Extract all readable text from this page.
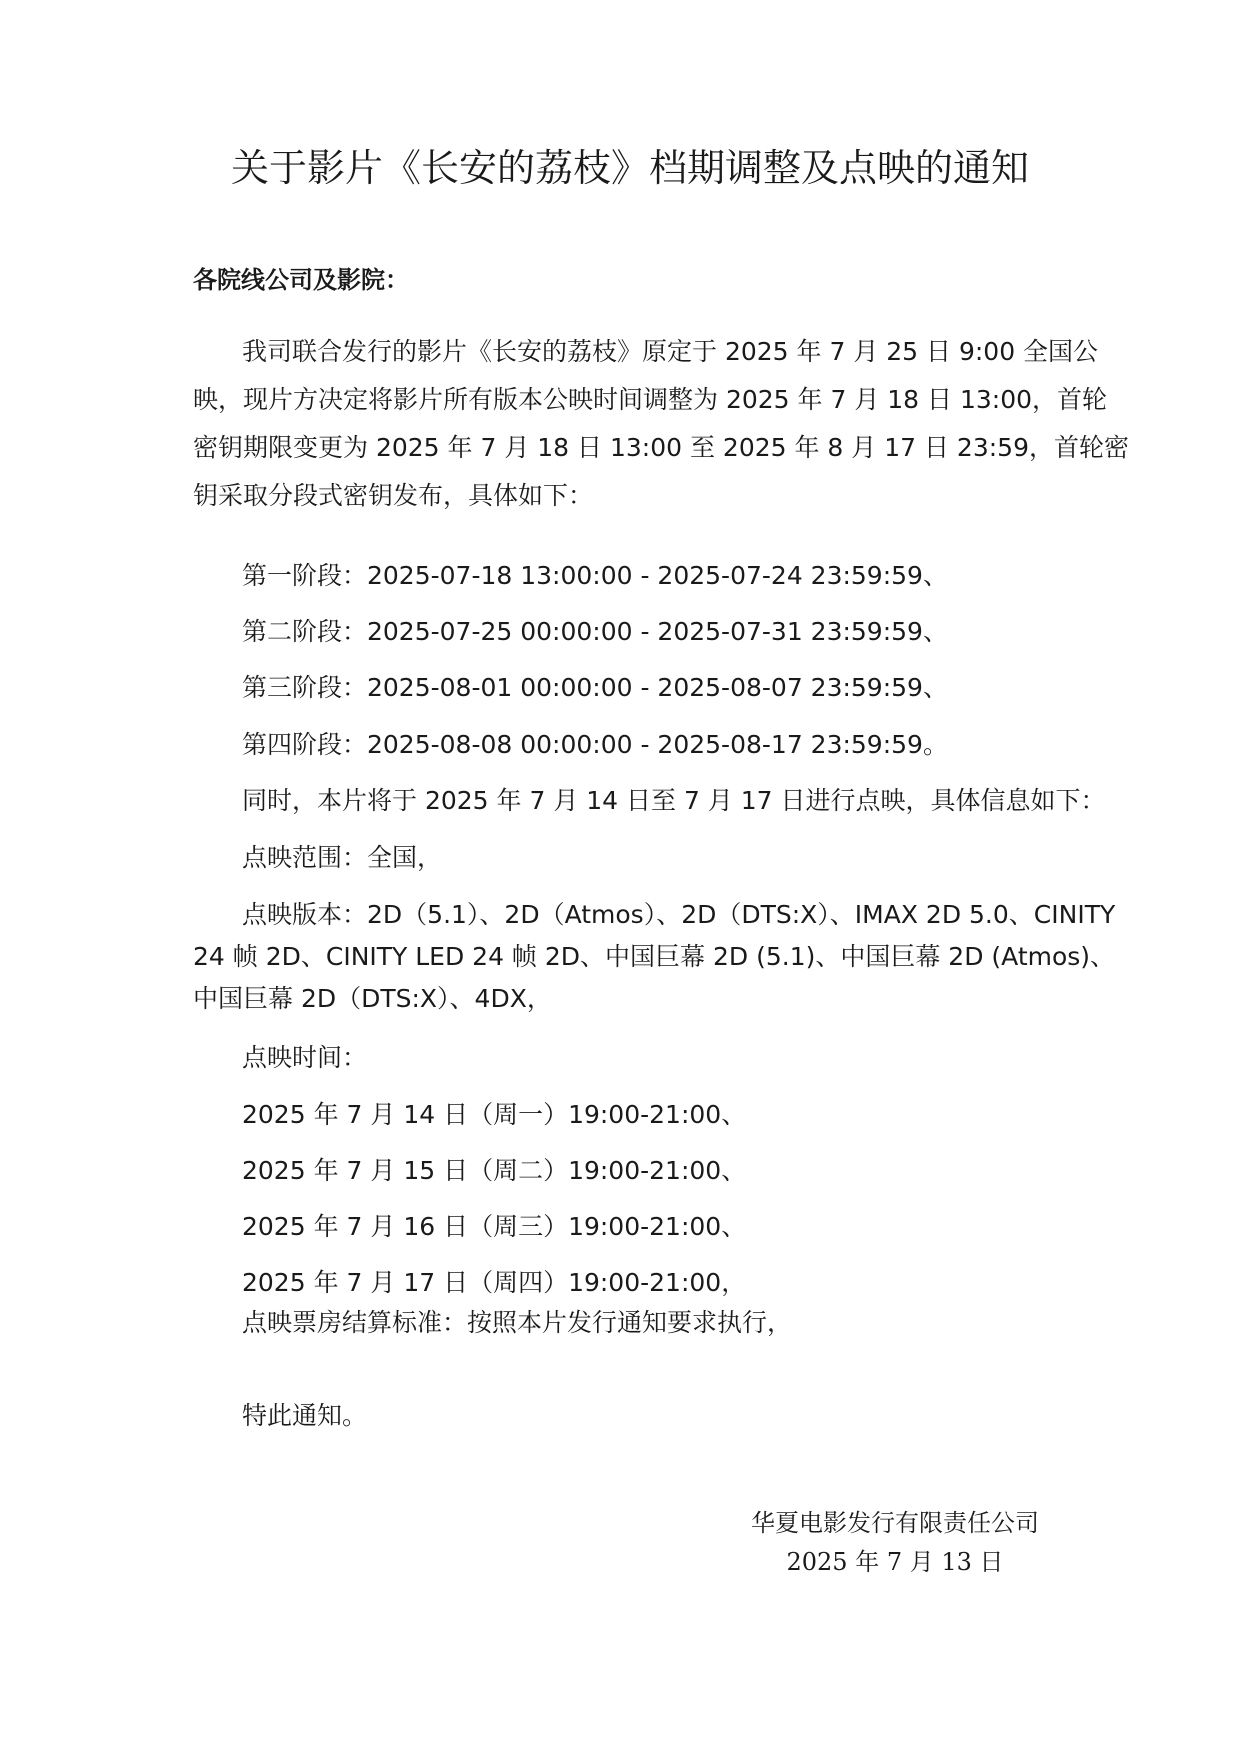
关于影片《长安的荔枝》档期调整及点映的通知
各院线公司及影院：
我司联合发行的影片《长安的荔枝》原定于 2025 年 7 月 25 日 9:00 全国公
映，现片方决定将影片所有版本公映时间调整为 2025 年 7 月 18 日 13:00，首轮
密钥期限变更为 2025 年 7 月 18 日 13:00 至 2025 年 8 月 17 日 23:59，首轮密
钥采取分段式密钥发布，具体如下：
第一阶段：2025-07-18 13:00:00 - 2025-07-24 23:59:59、
第二阶段：2025-07-25 00:00:00 - 2025-07-31 23:59:59、
第三阶段：2025-08-01 00:00:00 - 2025-08-07 23:59:59、
第四阶段：2025-08-08 00:00:00 - 2025-08-17 23:59:59。
同时，本片将于 2025 年 7 月 14 日至 7 月 17 日进行点映，具体信息如下：
点映范围：全国，
点映版本：2D（5.1）、2D（Atmos）、2D（DTS:X）、IMAX 2D 5.0、CINITY
24 帧 2D、CINITY LED 24 帧 2D、中国巨幕 2D (5.1)、中国巨幕 2D (Atmos)、
中国巨幕 2D（DTS:X）、4DX，
点映时间：
2025 年 7 月 14 日（周一）19:00-21:00、
2025 年 7 月 15 日（周二）19:00-21:00、
2025 年 7 月 16 日（周三）19:00-21:00、
2025 年 7 月 17 日（周四）19:00-21:00，
点映票房结算标准：按照本片发行通知要求执行，
特此通知。
华夏电影发行有限责任公司
2025 年 7 月 13 日
